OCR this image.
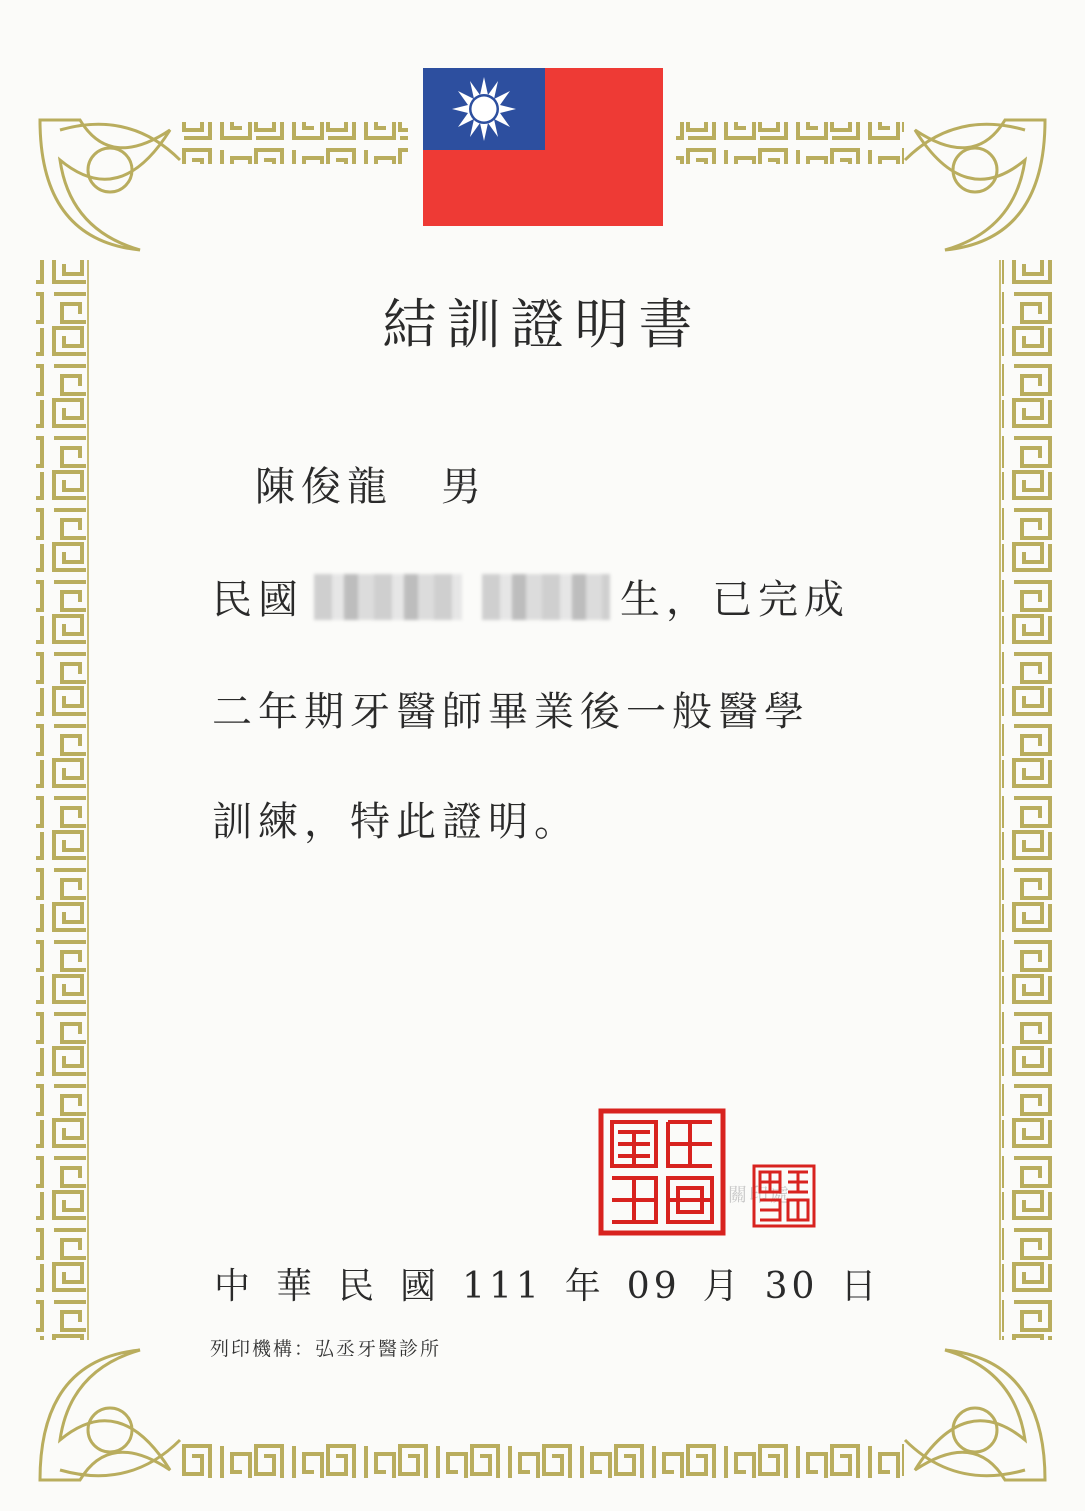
結訓證明書
陳俊龍 男
民國	生，已完成
二年期牙醫師畢業後一般醫學
訓練，特此證明。
關印處
中 華 民 國 111 年 09 月 30 日
列印機構：弘丞牙醫診所
